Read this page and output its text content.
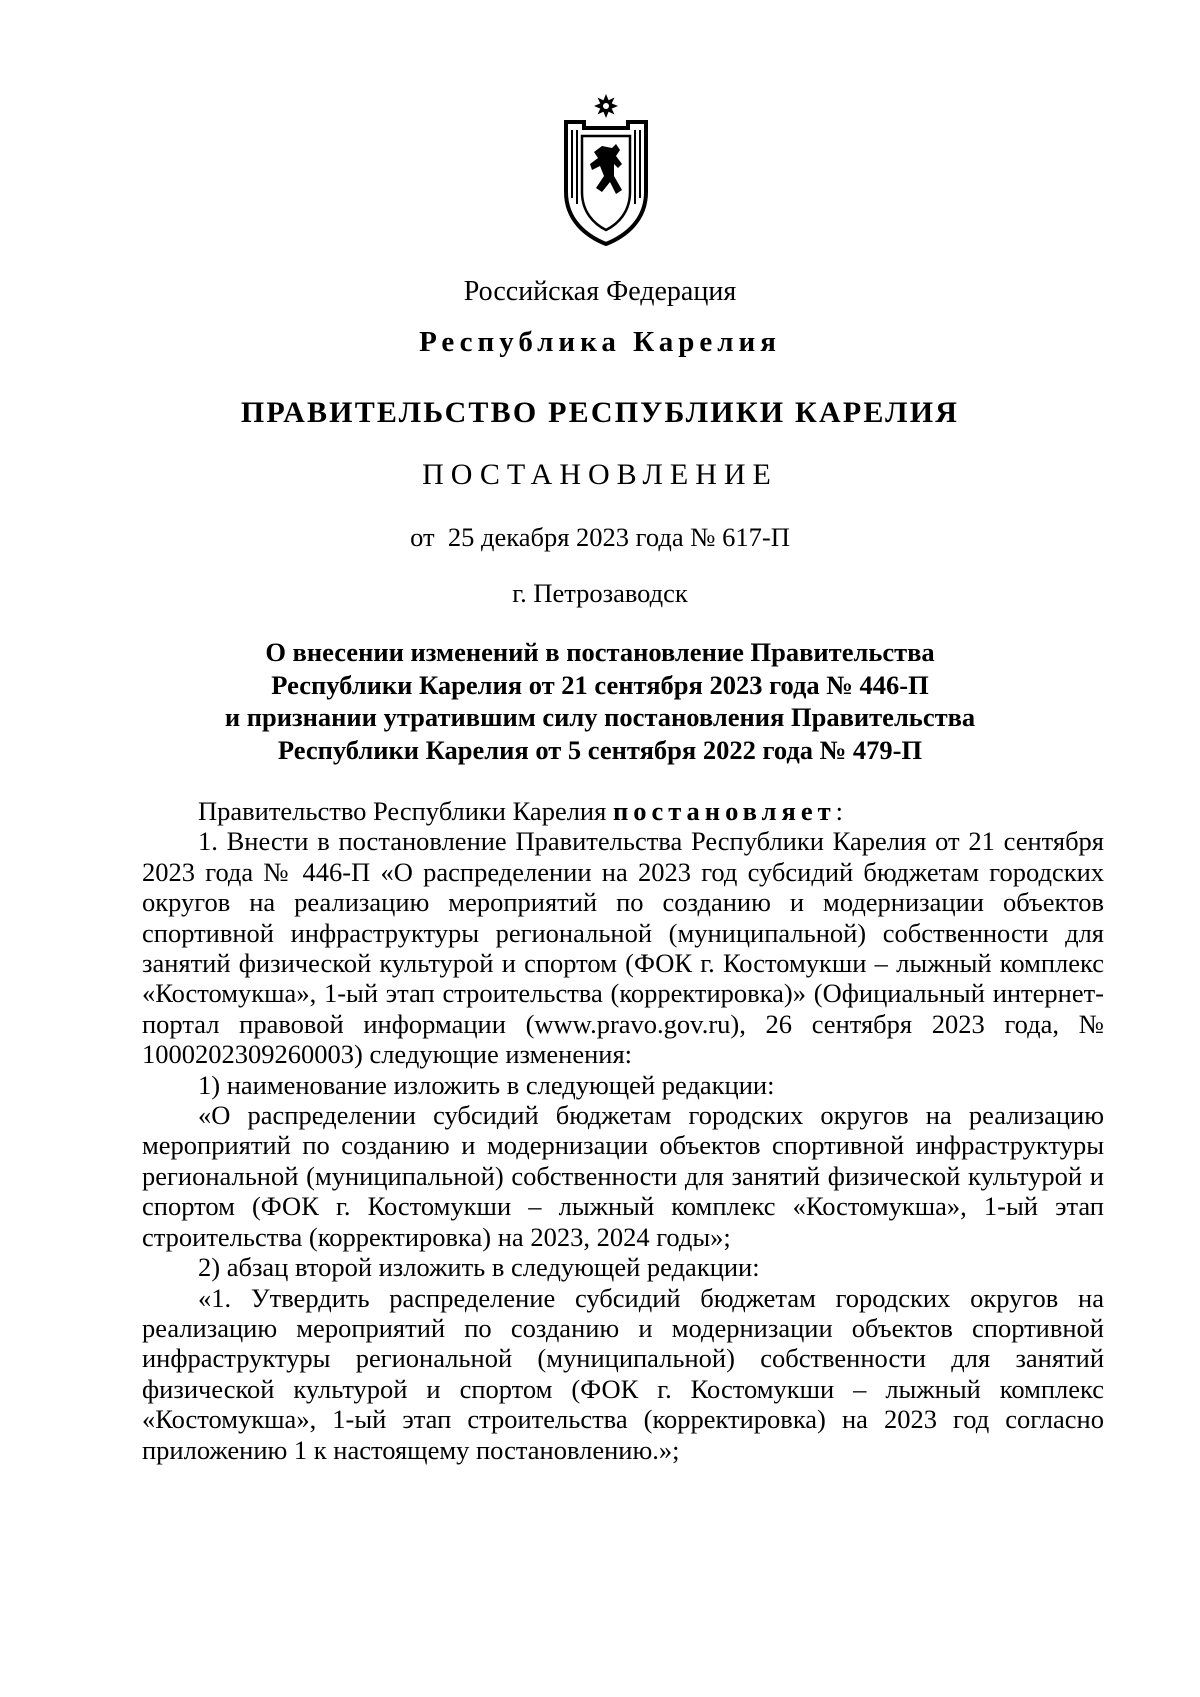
Российская Федерация
Республика Карелия
ПРАВИТЕЛЬСТВО РЕСПУБЛИКИ КАРЕЛИЯ
ПОСТАНОВЛЕНИЕ
от  25 декабря 2023 года № 617-П
г. Петрозаводск
О внесении изменений в постановление Правительства
Республики Карелия от 21 сентября 2023 года № 446-П
и признании утратившим силу постановления Правительства
Республики Карелия от 5 сентября 2022 года № 479-П

Правительство Республики Карелия постановляет:

1. Внести в постановление Правительства Республики Карелия от 21 сентября 2023 года № 446-П «О распределении на 2023 год субсидий бюджетам городских округов на реализацию мероприятий по созданию и модернизации объектов спортивной инфраструктуры региональной (муниципальной) собственности для занятий физической культурой и спортом (ФОК г. Костомукши – лыжный комплекс «Костомукша», 1-ый этап строительства (корректировка)» (Официальный интернет-портал правовой информации (www.pravo.gov.ru), 26 сентября 2023 года, № 1000202309260003) следующие изменения:

1) наименование изложить в следующей редакции:

«О распределении субсидий бюджетам городских округов на реализацию мероприятий по созданию и модернизации объектов спортивной инфраструктуры региональной (муниципальной) собственности для занятий физической культурой и спортом (ФОК г. Костомукши – лыжный комплекс «Костомукша», 1-ый этап строительства (корректировка) на 2023, 2024 годы»;

2) абзац второй изложить в следующей редакции:

«1. Утвердить распределение субсидий бюджетам городских округов на реализацию мероприятий по созданию и модернизации объектов спортивной инфраструктуры региональной (муниципальной) собственности для занятий физической культурой и спортом (ФОК г. Костомукши – лыжный комплекс «Костомукша», 1-ый этап строительства (корректировка) на 2023 год согласно приложению 1 к настоящему постановлению.»;
